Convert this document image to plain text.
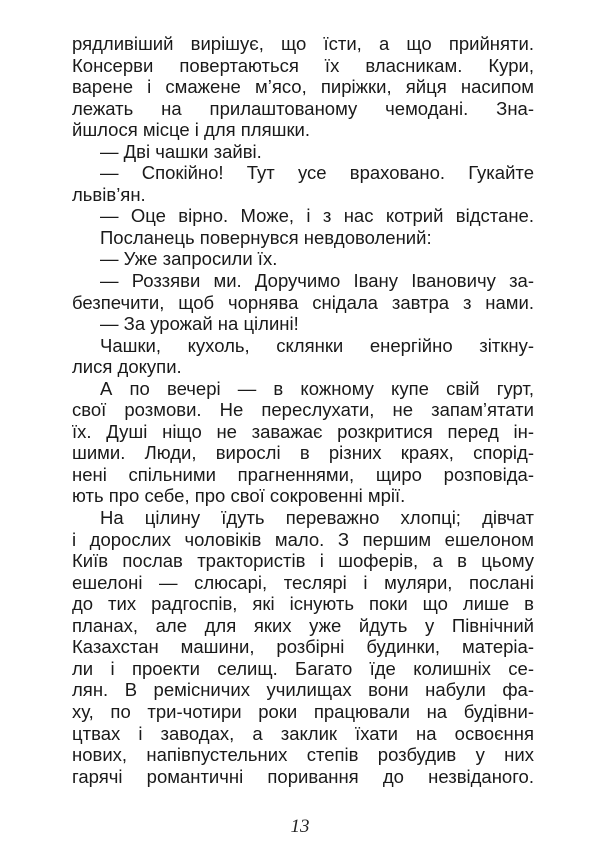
рядливіший вирішує, що їсти, а що прийняти.
Консерви повертаються їх власникам. Кури,
варене і смажене м’ясо, пиріжки, яйця насипом
лежать на прилаштованому чемодані. Зна-
йшлося місце і для пляшки.
— Дві чашки зайві.
— Спокійно! Тут усе враховано. Гукайте
львів’ян.
— Оце вірно. Може, і з нас котрий відстане.
Посланець повернувся невдоволений:
— Уже запросили їх.
— Роззяви ми. Доручимо Івану Івановичу за-
безпечити, щоб чорнява снідала завтра з нами.
— За урожай на цілині!
Чашки, кухоль, склянки енергійно зіткну-
лися докупи.
А по вечері — в кожному купе свій гурт,
свої розмови. Не переслухати, не запам’ятати
їх. Душі ніщо не заважає розкритися перед ін-
шими. Люди, вирослі в різних краях, спорід-
нені спільними прагненнями, щиро розповіда-
ють про себе, про свої сокровенні мрії.
На цілину їдуть переважно хлопці; дівчат
і дорослих чоловіків мало. З першим ешелоном
Київ послав трактористів і шоферів, а в цьому
ешелоні — слюсарі, теслярі і муляри, послані
до тих радгоспів, які існують поки що лише в
планах, але для яких уже йдуть у Північний
Казахстан машини, розбірні будинки, матеріа-
ли і проекти селищ. Багато їде колишніх се-
лян. В ремісничих училищах вони набули фа-
ху, по три-чотири роки працювали на будівни-
цтвах і заводах, а заклик їхати на освоєння
нових, напівпустельних степів розбудив у них
гарячі романтичні поривання до незвіданого.
13
